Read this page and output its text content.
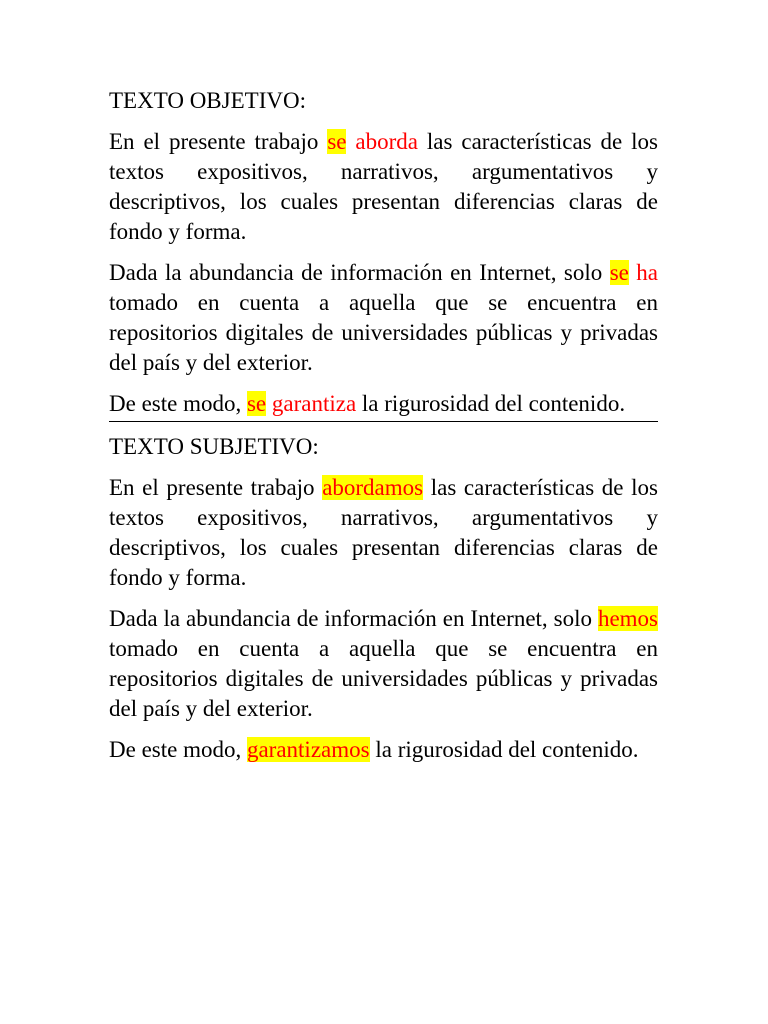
TEXTO OBJETIVO:

En el presente trabajo se aborda las características de los textos expositivos, narrativos, argumentativos y descriptivos, los cuales presentan diferencias claras de fondo y forma.

Dada la abundancia de información en Internet, solo se ha tomado en cuenta a aquella que se encuentra en repositorios digitales de universidades públicas y privadas del país y del exterior.

De este modo, se garantiza la rigurosidad del contenido.

TEXTO SUBJETIVO:

En el presente trabajo abordamos las características de los textos expositivos, narrativos, argumentativos y descriptivos, los cuales presentan diferencias claras de fondo y forma.

Dada la abundancia de información en Internet, solo hemos tomado en cuenta a aquella que se encuentra en repositorios digitales de universidades públicas y privadas del país y del exterior.

De este modo, garantizamos la rigurosidad del contenido.
